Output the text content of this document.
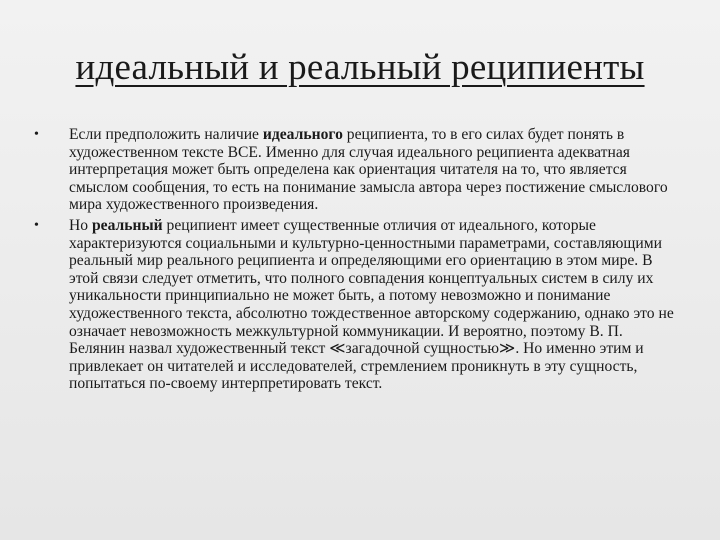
идеальный и реальный реципиенты
• Если предположить наличие идеального реципиента, то в его силах будет понять в художественном тексте ВСЕ. Именно для случая идеального реципиента адекватная интерпретация может быть определена как ориентация читателя на то, что является смыслом сообщения, то есть на понимание замысла автора через постижение смыслового мира художественного произведения.
• Но реальный реципиент имеет существенные отличия от идеального, которые характеризуются социальными и культурно-ценностными параметрами, составляющими реальный мир реального реципиента и определяющими его ориентацию в этом мире. В этой связи следует отметить, что полного совпадения концептуальных систем в силу их уникальности принципиально не может быть, а потому невозможно и понимание художественного текста, абсолютно тождественное авторскому содержанию, однако это не означает невозможность межкультурной коммуникации. И вероятно, поэтому В. П. Белянин назвал художественный текст ≪загадочной сущностью≫. Но именно этим и привлекает он читателей и исследователей, стремлением проникнуть в эту сущность, попытаться по-своему интерпретировать текст.
